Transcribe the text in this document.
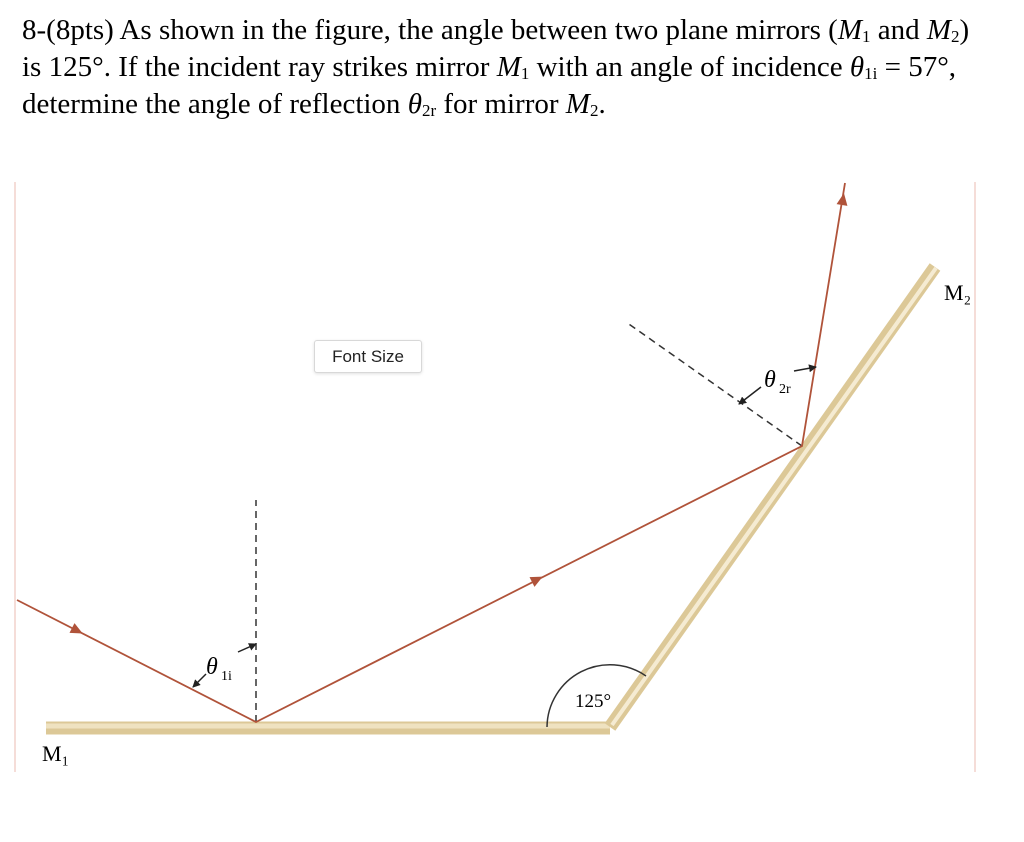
8-(8pts) As shown in the figure, the angle between two plane mirrors ($M_1$ and $M_2$) is 125°. If the incident ray strikes mirror $M_1$ with an angle of incidence $\theta_{1i} = 57^\circ$, determine the angle of reflection $\theta_{2r}$ for mirror $M_2$.
θ 1i
θ 2r
125°
M₁
M₂
Font Size
